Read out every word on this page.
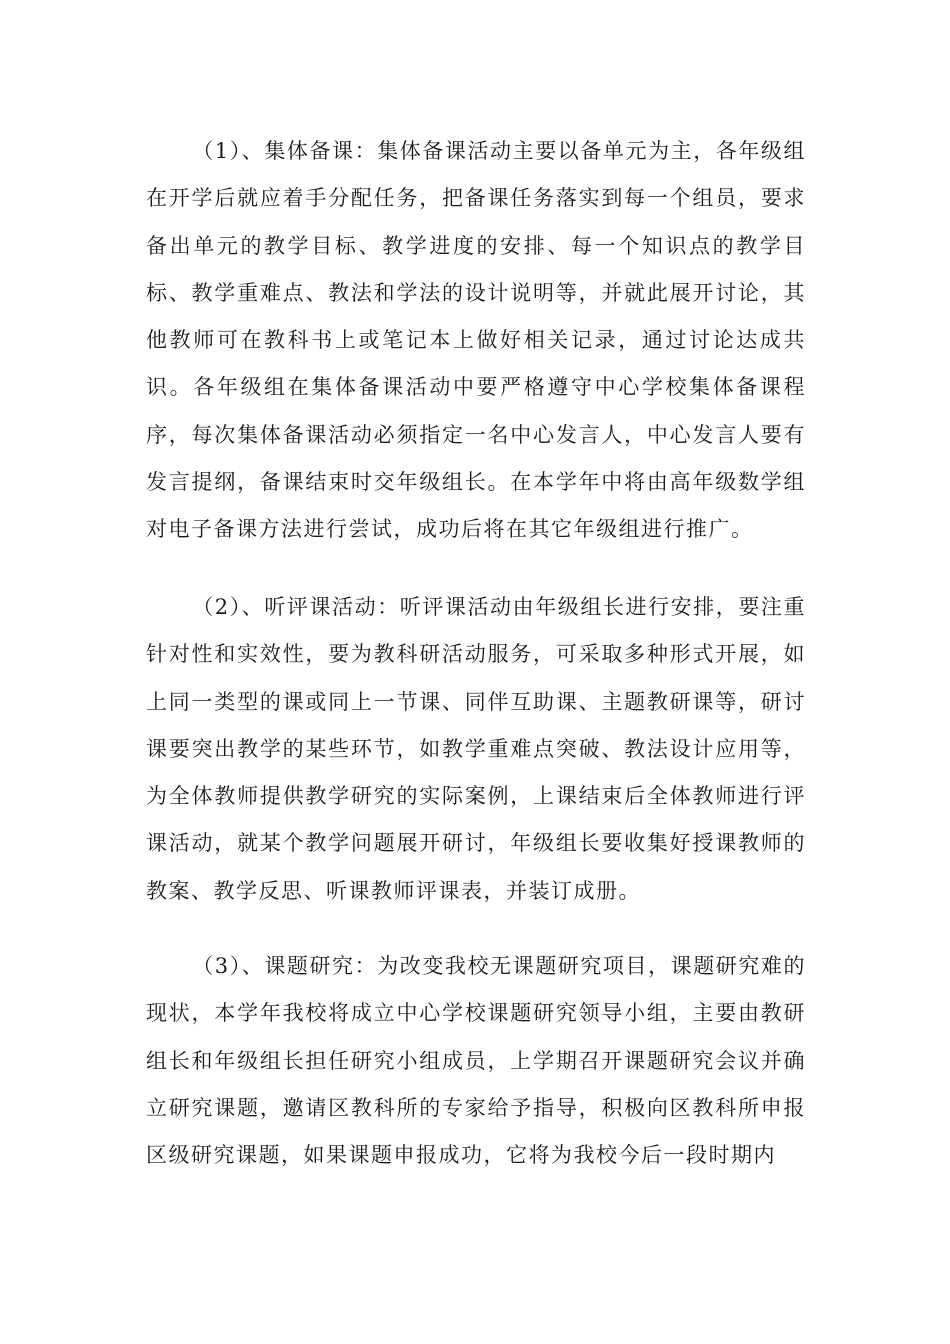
（1）、集体备课：集体备课活动主要以备单元为主，各年级组在开学后就应着手分配任务，把备课任务落实到每一个组员，要求备出单元的教学目标、教学进度的安排、每一个知识点的教学目标、教学重难点、教法和学法的设计说明等，并就此展开讨论，其他教师可在教科书上或笔记本上做好相关记录，通过讨论达成共识。各年级组在集体备课活动中要严格遵守中心学校集体备课程序，每次集体备课活动必须指定一名中心发言人，中心发言人要有发言提纲，备课结束时交年级组长。在本学年中将由高年级数学组对电子备课方法进行尝试，成功后将在其它年级组进行推广。

（2）、听评课活动：听评课活动由年级组长进行安排，要注重针对性和实效性，要为教科研活动服务，可采取多种形式开展，如上同一类型的课或同上一节课、同伴互助课、主题教研课等，研讨课要突出教学的某些环节，如教学重难点突破、教法设计应用等，为全体教师提供教学研究的实际案例，上课结束后全体教师进行评课活动，就某个教学问题展开研讨，年级组长要收集好授课教师的教案、教学反思、听课教师评课表，并装订成册。

（3）、课题研究：为改变我校无课题研究项目，课题研究难的现状，本学年我校将成立中心学校课题研究领导小组，主要由教研组长和年级组长担任研究小组成员，上学期召开课题研究会议并确立研究课题，邀请区教科所的专家给予指导，积极向区教科所申报区级研究课题，如果课题申报成功，它将为我校今后一段时期内
